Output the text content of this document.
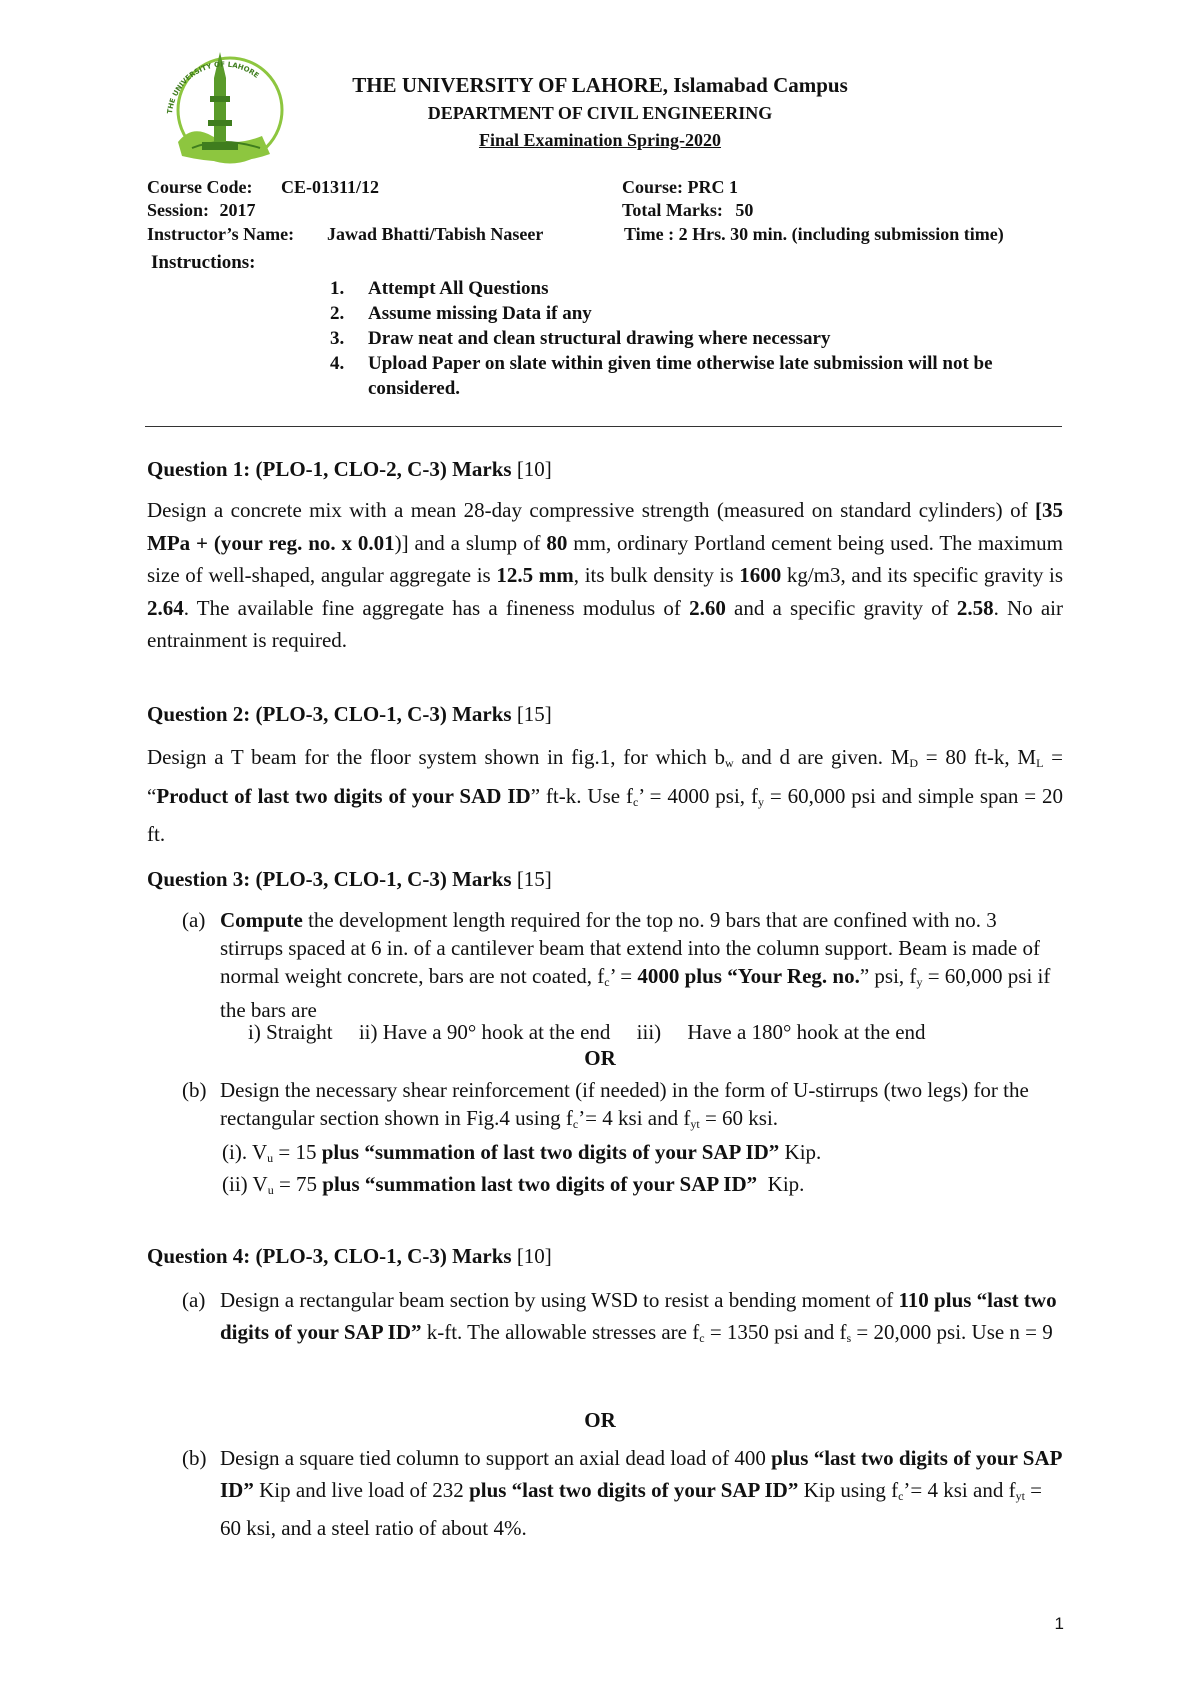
THE UNIVERSITY OF LAHORE	THE UNIVERSITY OF LAHORE, Islamabad Campus
DEPARTMENT OF CIVIL ENGINEERING
Final Examination Spring-2020
Course Code: CE-01311/12
Session: 2017
Instructor’s Name: Jawad Bhatti/Tabish Naseer
Course: PRC 1
Total Marks: 50
Time : 2 Hrs. 30 min. (including submission time)
Instructions:
1.	Attempt All Questions
2.	Assume missing Data if any
3.	Draw neat and clean structural drawing where necessary
4.	Upload Paper on slate within given time otherwise late submission will not be considered.
Question 1: (PLO-1, CLO-2, C-3) Marks [10]
Design a concrete mix with a mean 28-day compressive strength (measured on standard cylinders) of [35 MPa + (your reg. no. x 0.01)] and a slump of 80 mm, ordinary Portland cement being used. The maximum size of well-shaped, angular aggregate is 12.5 mm, its bulk density is 1600 kg/m3, and its specific gravity is 2.64. The available fine aggregate has a fineness modulus of 2.60 and a specific gravity of 2.58. No air entrainment is required.
Question 2: (PLO-3, CLO-1, C-3) Marks [15]
Design a T beam for the floor system shown in fig.1, for which $b_w$ and d are given. $M_D = 80$ ft-k, $M_L$ = “Product of last two digits of your SAD ID” ft-k. Use $f_c$’ = 4000 psi, $f_y = 60,000$ psi and simple span = 20 ft.
Question 3: (PLO-3, CLO-1, C-3) Marks [15]
(a) Compute the development length required for the top no. 9 bars that are confined with no. 3 stirrups spaced at 6 in. of a cantilever beam that extend into the column support. Beam is made of normal weight concrete, bars are not coated, $f_c$’ = 4000 plus “Your Reg. no.” psi, $f_y = 60,000$ psi if the bars are
i) Straight     ii) Have a 90° hook at the end     iii)     Have a 180° hook at the end
OR
(b) Design the necessary shear reinforcement (if needed) in the form of U-stirrups (two legs) for the rectangular section shown in Fig.4 using $f_c’= 4$ ksi and $f_{yt} = 60$ ksi.
(i). $V_u = 15$ plus “summation of last two digits of your SAP ID” Kip.
(ii) $V_u = 75$ plus “summation last two digits of your SAP ID”  Kip.
Question 4: (PLO-3, CLO-1, C-3) Marks [10]
(a) Design a rectangular beam section by using WSD to resist a bending moment of 110 plus “last two digits of your SAP ID” k-ft. The allowable stresses are $f_c = 1350$ psi and $f_s = 20,000$ psi. Use n = 9
OR
(b) Design a square tied column to support an axial dead load of 400 plus “last two digits of your SAP ID” Kip and live load of 232 plus “last two digits of your SAP ID” Kip using $f_c’= 4$ ksi and $f_{yt} = 60$ ksi, and a steel ratio of about 4%.
1
